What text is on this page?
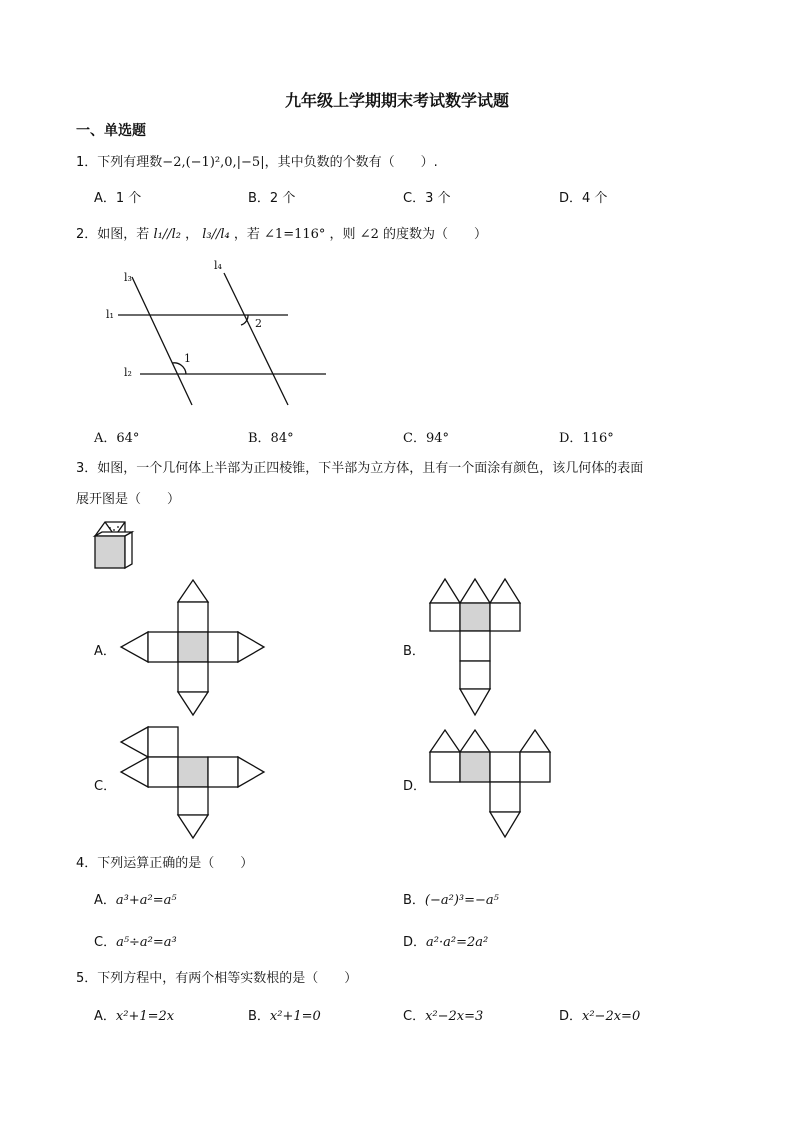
九年级上学期期末考试数学试题
一、单选题
1．下列有理数−2,(−1)²,0,|−5|，其中负数的个数有（　　）.
A．1 个	B．2 个	C．3 个	D．4 个
2．如图，若 l₁//l₂ ， l₃//l₄ ，若 ∠1=116° ，则 ∠2 的度数为（　　）
l₃
l₄
l₁
l₂
1
2
A．64°	B．84°	C．94°	D．116°
3．如图，一个几何体上半部为正四棱锥，下半部为立方体，且有一个面涂有颜色，该几何体的表面
展开图是（　　）
A．	B．
C．	D．
4．下列运算正确的是（　　）
A．a³+a²=a⁵	B．(−a²)³=−a⁵
C．a⁵÷a²=a³	D．a²·a²=2a²
5．下列方程中，有两个相等实数根的是（　　）
A．x²+1=2x	B．x²+1=0	C．x²−2x=3	D．x²−2x=0
